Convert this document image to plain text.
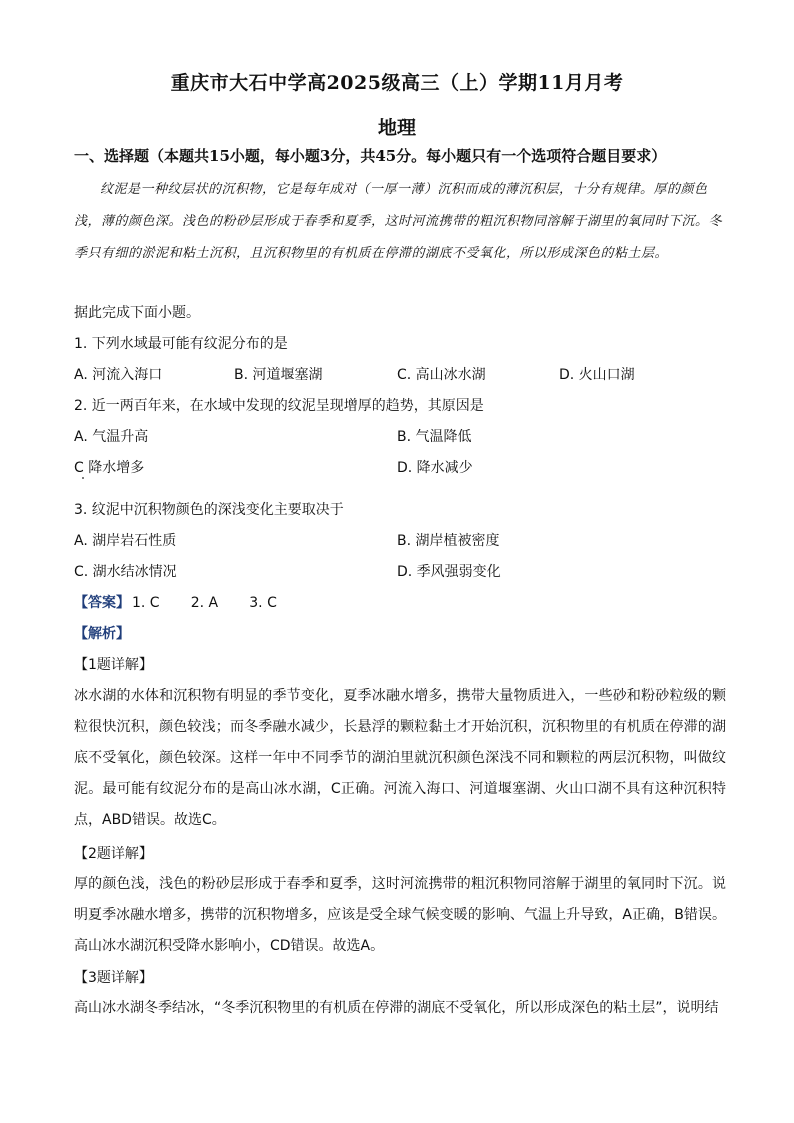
重庆市大石中学高2025级高三（上）学期11月月考
地理
一、选择题（本题共15小题，每小题3分，共45分。每小题只有一个选项符合题目要求）

纹泥是一种纹层状的沉积物，它是每年成对（一厚一薄）沉积而成的薄沉积层，十分有规律。厚的颜色浅，薄的颜色深。浅色的粉砂层形成于春季和夏季，这时河流携带的粗沉积物同溶解于湖里的氧同时下沉。冬季只有细的淤泥和粘土沉积，且沉积物里的有机质在停滞的湖底不受氧化，所以形成深色的粘土层。

据此完成下面小题。
1. 下列水域最可能有纹泥分布的是
A. 河流入海口	B. 河道堰塞湖	C. 高山冰水湖	D. 火山口湖
2. 近一两百年来，在水域中发现的纹泥呈现增厚的趋势，其原因是
A. 气温升高	B. 气温降低
C 降水增多	D. 降水减少
3. 纹泥中沉积物颜色的深浅变化主要取决于
A. 湖岸岩石性质	B. 湖岸植被密度
C. 湖水结冰情况	D. 季风强弱变化
【答案】 1. C       2. A       3. C
【解析】
【1题详解】

冰水湖的水体和沉积物有明显的季节变化，夏季冰融水增多，携带大量物质进入，一些砂和粉砂粒级的颗粒很快沉积，颜色较浅；而冬季融水减少，长悬浮的颗粒黏土才开始沉积，沉积物里的有机质在停滞的湖底不受氧化，颜色较深。这样一年中不同季节的湖泊里就沉积颜色深浅不同和颗粒的两层沉积物，叫做纹泥。最可能有纹泥分布的是高山冰水湖，C正确。河流入海口、河道堰塞湖、火山口湖不具有这种沉积特点，ABD错误。故选C。

【2题详解】

厚的颜色浅，浅色的粉砂层形成于春季和夏季，这时河流携带的粗沉积物同溶解于湖里的氧同时下沉。说明夏季冰融水增多，携带的沉积物增多，应该是受全球气候变暖的影响、气温上升导致，A正确，B错误。高山冰水湖沉积受降水影响小，CD错误。故选A。

【3题详解】

高山冰水湖冬季结冰，“冬季沉积物里的有机质在停滞的湖底不受氧化，所以形成深色的粘土层”，说明结
